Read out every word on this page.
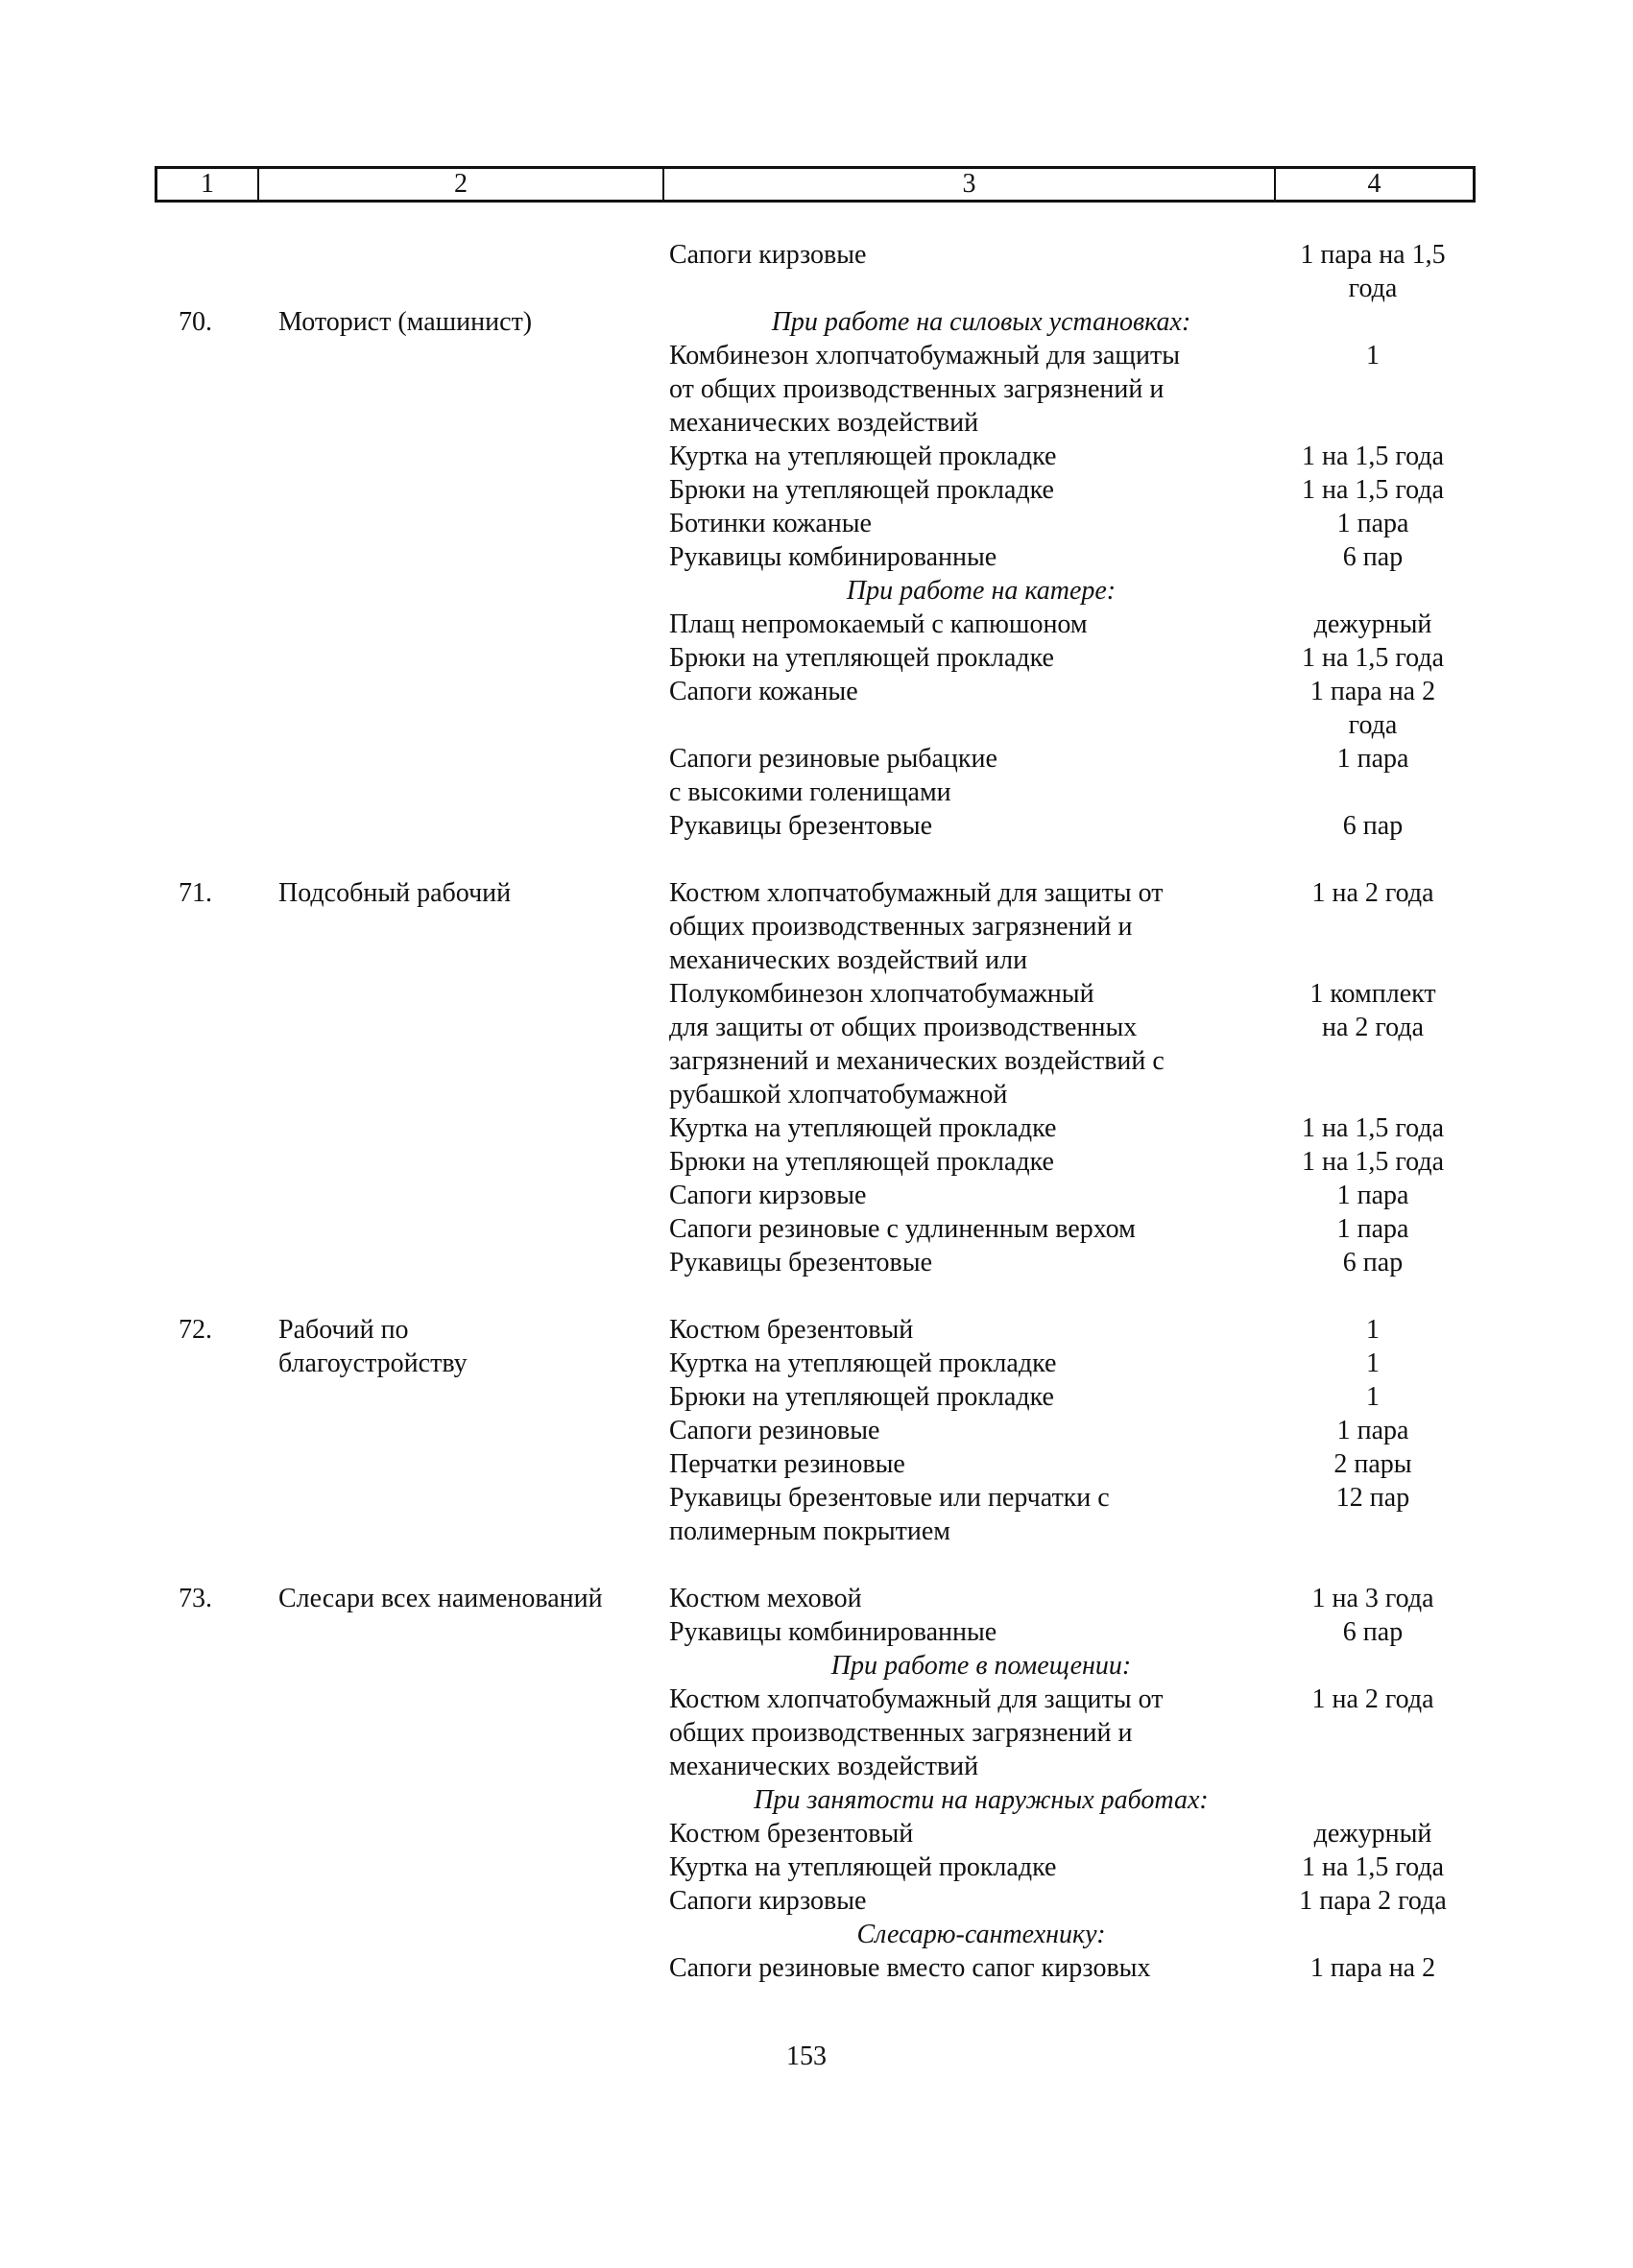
1	2	3	4
Сапоги кирзовые	1 пара на 1,5
года
70. Моторист (машинист)	При работе на силовых установках:
Комбинезон хлопчатобумажный для защиты	1
от общих производственных загрязнений и
механических воздействий
Куртка на утепляющей прокладке	1 на 1,5 года
Брюки на утепляющей прокладке	1 на 1,5 года
Ботинки кожаные	1 пара
Рукавицы комбинированные	6 пар
При работе на катере:
Плащ непромокаемый с капюшоном	дежурный
Брюки на утепляющей прокладке	1 на 1,5 года
Сапоги кожаные	1 пара на 2
года
Сапоги резиновые рыбацкие	1 пара
с высокими голенищами
Рукавицы брезентовые	6 пар
71. Подсобный рабочий	Костюм хлопчатобумажный для защиты от	1 на 2 года
общих производственных загрязнений и
механических воздействий или
Полукомбинезон хлопчатобумажный	1 комплект
для защиты от общих производственных	на 2 года
загрязнений и механических воздействий с
рубашкой хлопчатобумажной
Куртка на утепляющей прокладке	1 на 1,5 года
Брюки на утепляющей прокладке	1 на 1,5 года
Сапоги кирзовые	1 пара
Сапоги резиновые с удлиненным верхом	1 пара
Рукавицы брезентовые	6 пар
72. Рабочий по
благоустройству
Костюм брезентовый	1
Куртка на утепляющей прокладке	1
Брюки на утепляющей прокладке	1
Сапоги резиновые	1 пара
Перчатки резиновые	2 пары
Рукавицы брезентовые или перчатки с	12 пар
полимерным покрытием
73. Слесари всех наименований	Костюм меховой	1 на 3 года
Рукавицы комбинированные	6 пар
При работе в помещении:
Костюм хлопчатобумажный для защиты от	1 на 2 года
общих производственных загрязнений и
механических воздействий
При занятости на наружных работах:
Костюм брезентовый	дежурный
Куртка на утепляющей прокладке	1 на 1,5 года
Сапоги кирзовые	1 пара 2 года
Слесарю-сантехнику:
Сапоги резиновые вместо сапог кирзовых	1 пара на 2
153
